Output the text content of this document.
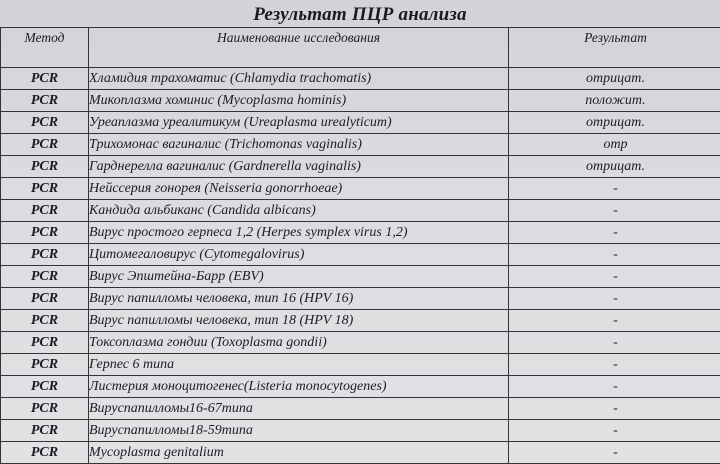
Результат ПЦР анализа
Метод	Наименование исследования	Результат
PCR	Хламидия трахоматис (Chlamydia trachomatis)	отрицат.
PCR	Микоплазма хоминис (Mycoplasma hominis)	положит.
PCR	Уреаплазма уреалитикум (Ureaplasma urealyticum)	отрицат.
PCR	Трихомонас вагиналис (Trichomonas vaginalis)	отр
PCR	Гарднерелла вагиналис (Gardnerella vaginalis)	отрицат.
PCR	Нейссерия гонорея (Neisseria gonorrhoeae)	-
PCR	Кандида альбиканс (Candida albicans)	-
PCR	Вирус простого герпеса 1,2 (Herpes symplex virus 1,2)	-
PCR	Цитомегаловирус (Cytomegalovirus)	-
PCR	Вирус Эпштейна-Барр (EBV)	-
PCR	Вирус папилломы человека, тип 16 (HPV 16)	-
PCR	Вирус папилломы человека, тип 18 (HPV 18)	-
PCR	Токсоплазма гондии (Toxoplasma gondii)	-
PCR	Герпес 6 типа	-
PCR	Листерия моноцитогенес(Listeria monocytogenes)	-
PCR	Вируспапилломы16-67типа	-
PCR	Вируспапилломы18-59типа	-
PCR	Mycoplasma genitalium	-
